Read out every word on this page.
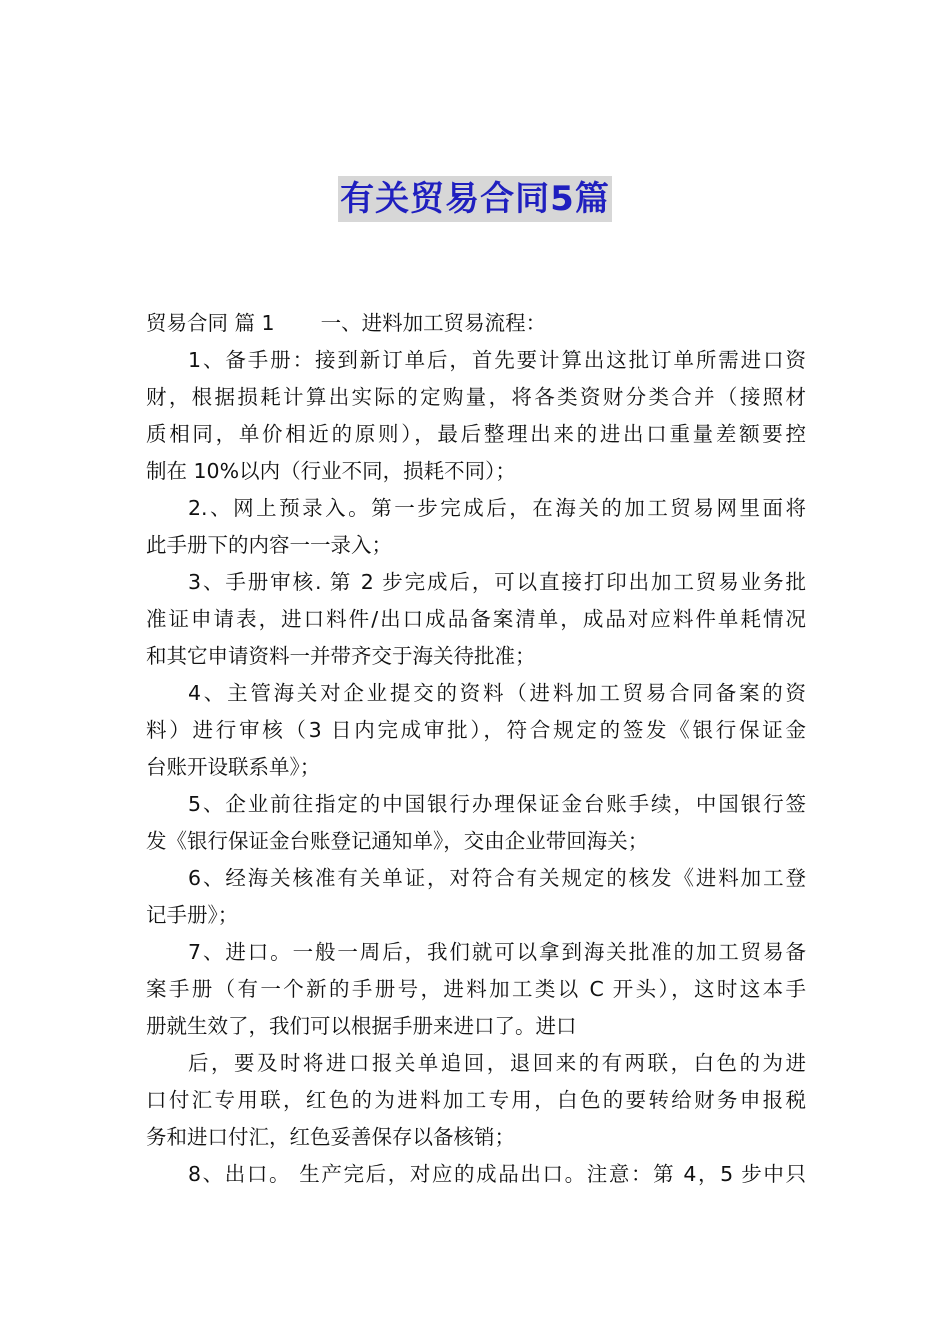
有关贸易合同5篇
贸易合同 篇 1 一、进料加工贸易流程：
1、备手册：接到新订单后，首先要计算出这批订单所需进口资
财，根据损耗计算出实际的定购量，将各类资财分类合并（接照材
质相同，单价相近的原则），最后整理出来的进出口重量差额要控
制在 10%以内（行业不同，损耗不同）；
2.、网上预录入。第一步完成后，在海关的加工贸易网里面将
此手册下的内容一一录入；
3、手册审核. 第 2 步完成后，可以直接打印出加工贸易业务批
准证申请表，进口料件/出口成品备案清单，成品对应料件单耗情况
和其它申请资料一并带齐交于海关待批准；
4、主管海关对企业提交的资料（进料加工贸易合同备案的资
料）进行审核（3 日内完成审批），符合规定的签发《银行保证金
台账开设联系单》；
5、企业前往指定的中国银行办理保证金台账手续，中国银行签
发《银行保证金台账登记通知单》，交由企业带回海关；
6、经海关核准有关单证，对符合有关规定的核发《进料加工登
记手册》；
7、进口。一般一周后，我们就可以拿到海关批准的加工贸易备
案手册（有一个新的手册号，进料加工类以 C 开头），这时这本手
册就生效了，我们可以根据手册来进口了。进口
后，要及时将进口报关单追回，退回来的有两联，白色的为进
口付汇专用联，红色的为进料加工专用，白色的要转给财务申报税
务和进口付汇，红色妥善保存以备核销；
8、出口。 生产完后，对应的成品出口。注意：第 4，5 步中只
